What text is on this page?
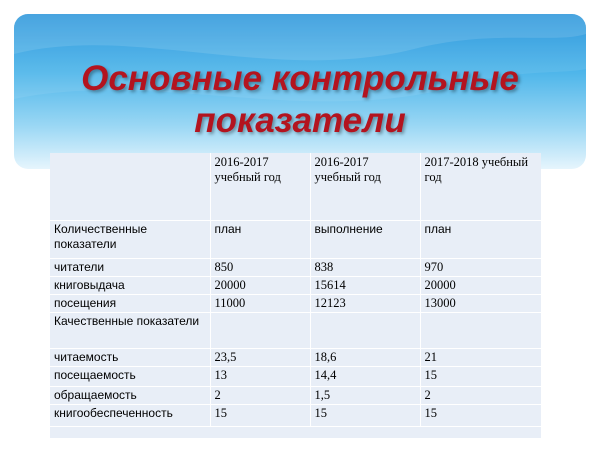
Основные контрольные
показатели
	2016-2017 учебный год	2016-2017 учебный год	2017-2018 учебный год
Количественные показатели	план	выполнение	план
читатели	850	838	970
книговыдача	20000	15614	20000
посещения	11000	12123	13000
Качественные показатели			
читаемость	23,5	18,6	21
посещаемость	13	14,4	15
обращаемость	2	1,5	2
книгообеспеченность	15	15	15
